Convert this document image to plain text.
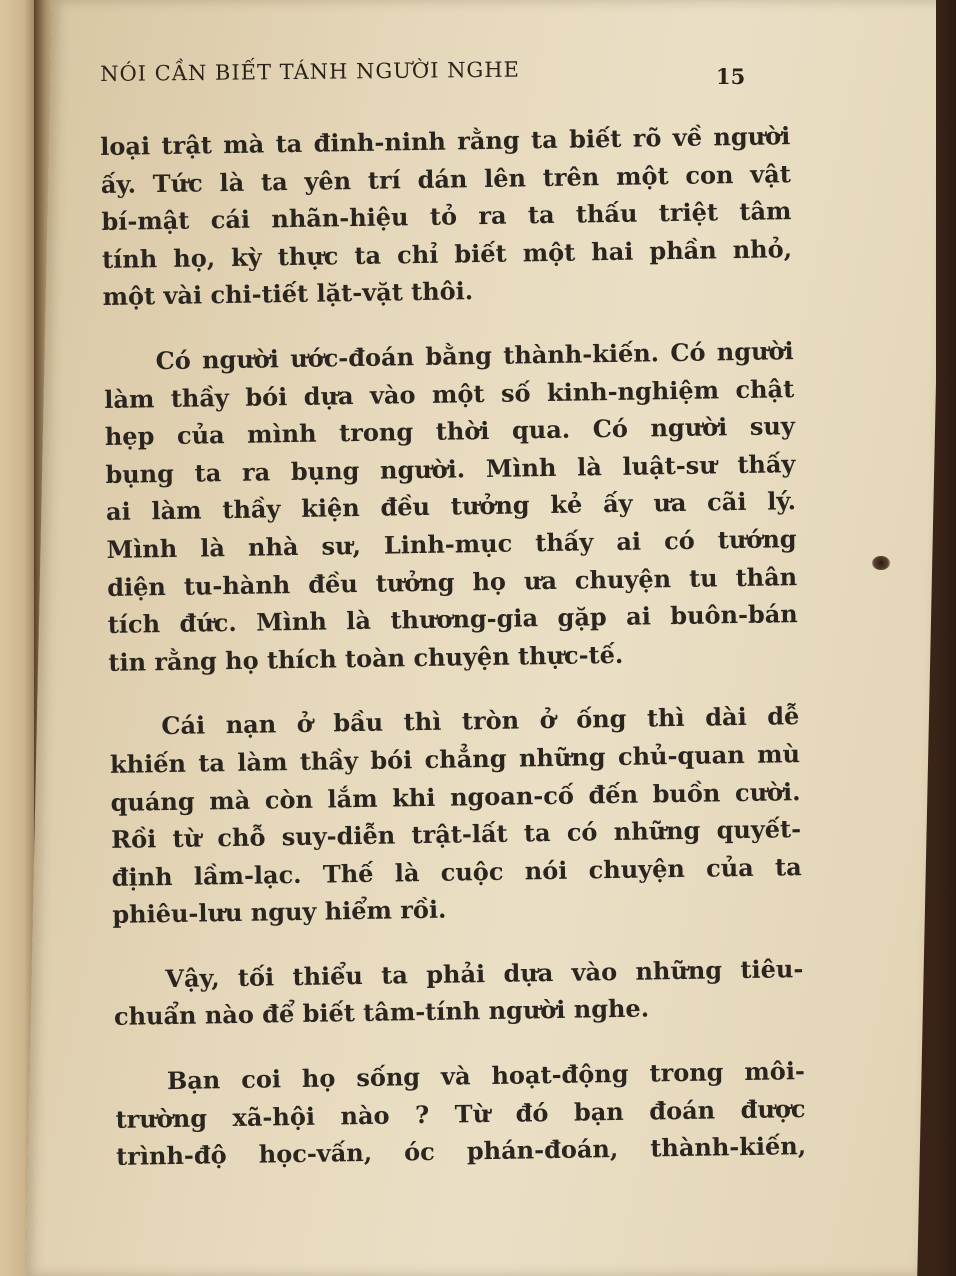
NÓI CẦN BIẾT TÁNH NGƯỜI NGHE	15
loại trật mà ta đinh-ninh rằng ta biết rõ về người
ấy. Tức là ta yên trí dán lên trên một con vật
bí-mật cái nhãn-hiệu tỏ ra ta thấu triệt tâm
tính họ, kỳ thực ta chỉ biết một hai phần nhỏ,
một vài chi-tiết lặt-vặt thôi.
Có người ước-đoán bằng thành-kiến. Có người
làm thầy bói dựa vào một số kinh-nghiệm chật
hẹp của mình trong thời qua. Có người suy
bụng ta ra bụng người. Mình là luật-sư thấy
ai làm thầy kiện đều tưởng kẻ ấy ưa cãi lý.
Mình là nhà sư, Linh-mục thấy ai có tướng
diện tu-hành đều tưởng họ ưa chuyện tu thân
tích đức. Mình là thương-gia gặp ai buôn-bán
tin rằng họ thích toàn chuyện thực-tế.
Cái nạn ở bầu thì tròn ở ống thì dài dễ
khiến ta làm thầy bói chẳng những chủ-quan mù
quáng mà còn lắm khi ngoan-cố đến buồn cười.
Rồi từ chỗ suy-diễn trật-lất ta có những quyết-
định lầm-lạc. Thế là cuộc nói chuyện của ta
phiêu-lưu nguy hiểm rồi.
Vậy, tối thiểu ta phải dựa vào những tiêu-
chuẩn nào để biết tâm-tính người nghe.
Bạn coi họ sống và hoạt-động trong môi-
trường xã-hội nào ? Từ đó bạn đoán được
trình-độ học-vấn, óc phán-đoán, thành-kiến,
